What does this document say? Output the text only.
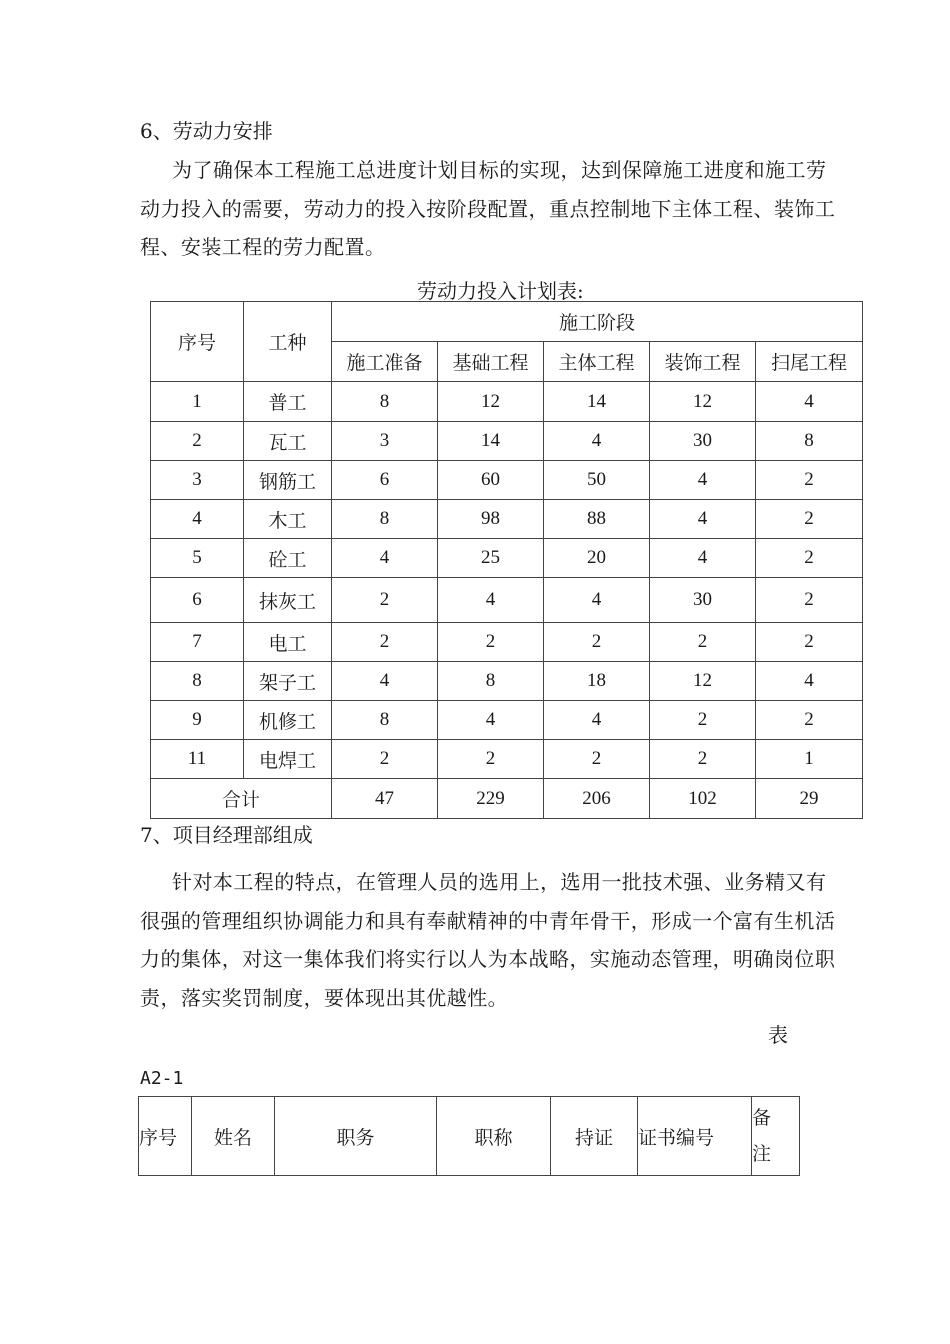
6、劳动力安排
为了确保本工程施工总进度计划目标的实现，达到保障施工进度和施工劳
动力投入的需要，劳动力的投入按阶段配置，重点控制地下主体工程、装饰工
程、安装工程的劳力配置。
劳动力投入计划表:
序号	工种	施工阶段				
		施工准备	基础工程	主体工程	装饰工程	扫尾工程
1	普工	8	12	14	12	4
2	瓦工	3	14	4	30	8
3	钢筋工	6	60	50	4	2
4	木工	8	98	88	4	2
5	砼工	4	25	20	4	2
6	抹灰工	2	4	4	30	2
7	电工	2	2	2	2	2
8	架子工	4	8	18	12	4
9	机修工	8	4	4	2	2
11	电焊工	2	2	2	2	1
合计		47	229	206	102	29
7、项目经理部组成
针对本工程的特点，在管理人员的选用上，选用一批技术强、业务精又有
很强的管理组织协调能力和具有奉献精神的中青年骨干，形成一个富有生机活
力的集体，对这一集体我们将实行以人为本战略，实施动态管理，明确岗位职
责，落实奖罚制度，要体现出其优越性。
表
A2-1
序号	姓名	职务	职称	持证	证书编号	备
注
